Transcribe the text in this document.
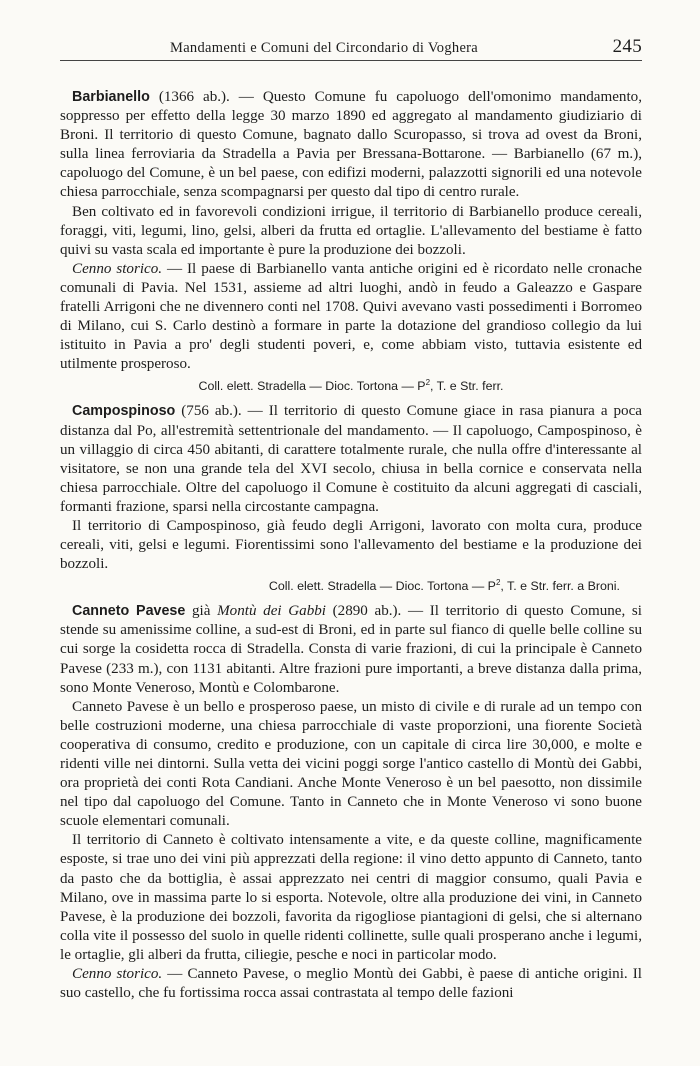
Mandamenti e Comuni del Circondario di Voghera	245

Barbianello (1366 ab.). — Questo Comune fu capoluogo dell'omonimo mandamento, soppresso per effetto della legge 30 marzo 1890 ed aggregato al mandamento giudiziario di Broni. Il territorio di questo Comune, bagnato dallo Scuropasso, si trova ad ovest da Broni, sulla linea ferroviaria da Stradella a Pavia per Bressana-Bottarone. — Barbianello (67 m.), capoluogo del Comune, è un bel paese, con edifizi moderni, palazzotti signorili ed una notevole chiesa parrocchiale, senza scompagnarsi per questo dal tipo di centro rurale.

Ben coltivato ed in favorevoli condizioni irrigue, il territorio di Barbianello produce cereali, foraggi, viti, legumi, lino, gelsi, alberi da frutta ed ortaglie. L'allevamento del bestiame è fatto quivi su vasta scala ed importante è pure la produzione dei bozzoli.

Cenno storico. — Il paese di Barbianello vanta antiche origini ed è ricordato nelle cronache comunali di Pavia. Nel 1531, assieme ad altri luoghi, andò in feudo a Galeazzo e Gaspare fratelli Arrigoni che ne divennero conti nel 1708. Quivi avevano vasti possedimenti i Borromeo di Milano, cui S. Carlo destinò a formare in parte la dotazione del grandioso collegio da lui istituito in Pavia a pro' degli studenti poveri, e, come abbiam visto, tuttavia esistente ed utilmente prosperoso.

Coll. elett. Stradella — Dioc. Tortona — $P^2$, T. e Str. ferr.

Campospinoso (756 ab.). — Il territorio di questo Comune giace in rasa pianura a poca distanza dal Po, all'estremità settentrionale del mandamento. — Il capoluogo, Campospinoso, è un villaggio di circa 450 abitanti, di carattere totalmente rurale, che nulla offre d'interessante al visitatore, se non una grande tela del XVI secolo, chiusa in bella cornice e conservata nella chiesa parrocchiale. Oltre del capoluogo il Comune è costituito da alcuni aggregati di casciali, formanti frazione, sparsi nella circostante campagna.

Il territorio di Campospinoso, già feudo degli Arrigoni, lavorato con molta cura, produce cereali, viti, gelsi e legumi. Fiorentissimi sono l'allevamento del bestiame e la produzione dei bozzoli.

Coll. elett. Stradella — Dioc. Tortona — $P^2$, T. e Str. ferr. a Broni.

Canneto Pavese già Montù dei Gabbi (2890 ab.). — Il territorio di questo Comune, si stende su amenissime colline, a sud-est di Broni, ed in parte sul fianco di quelle belle colline su cui sorge la cosidetta rocca di Stradella. Consta di varie frazioni, di cui la principale è Canneto Pavese (233 m.), con 1131 abitanti. Altre frazioni pure importanti, a breve distanza dalla prima, sono Monte Veneroso, Montù e Colombarone.

Canneto Pavese è un bello e prosperoso paese, un misto di civile e di rurale ad un tempo con belle costruzioni moderne, una chiesa parrocchiale di vaste proporzioni, una fiorente Società cooperativa di consumo, credito e produzione, con un capitale di circa lire 30,000, e molte e ridenti ville nei dintorni. Sulla vetta dei vicini poggi sorge l'antico castello di Montù dei Gabbi, ora proprietà dei conti Rota Candiani. Anche Monte Veneroso è un bel paesotto, non dissimile nel tipo dal capoluogo del Comune. Tanto in Canneto che in Monte Veneroso vi sono buone scuole elementari comunali.

Il territorio di Canneto è coltivato intensamente a vite, e da queste colline, magnificamente esposte, si trae uno dei vini più apprezzati della regione: il vino detto appunto di Canneto, tanto da pasto che da bottiglia, è assai apprezzato nei centri di maggior consumo, quali Pavia e Milano, ove in massima parte lo si esporta. Notevole, oltre alla produzione dei vini, in Canneto Pavese, è la produzione dei bozzoli, favorita da rigogliose piantagioni di gelsi, che si alternano colla vite il possesso del suolo in quelle ridenti collinette, sulle quali prosperano anche i legumi, le ortaglie, gli alberi da frutta, ciliegie, pesche e noci in particolar modo.

Cenno storico. — Canneto Pavese, o meglio Montù dei Gabbi, è paese di antiche origini. Il suo castello, che fu fortissima rocca assai contrastata al tempo delle fazioni
